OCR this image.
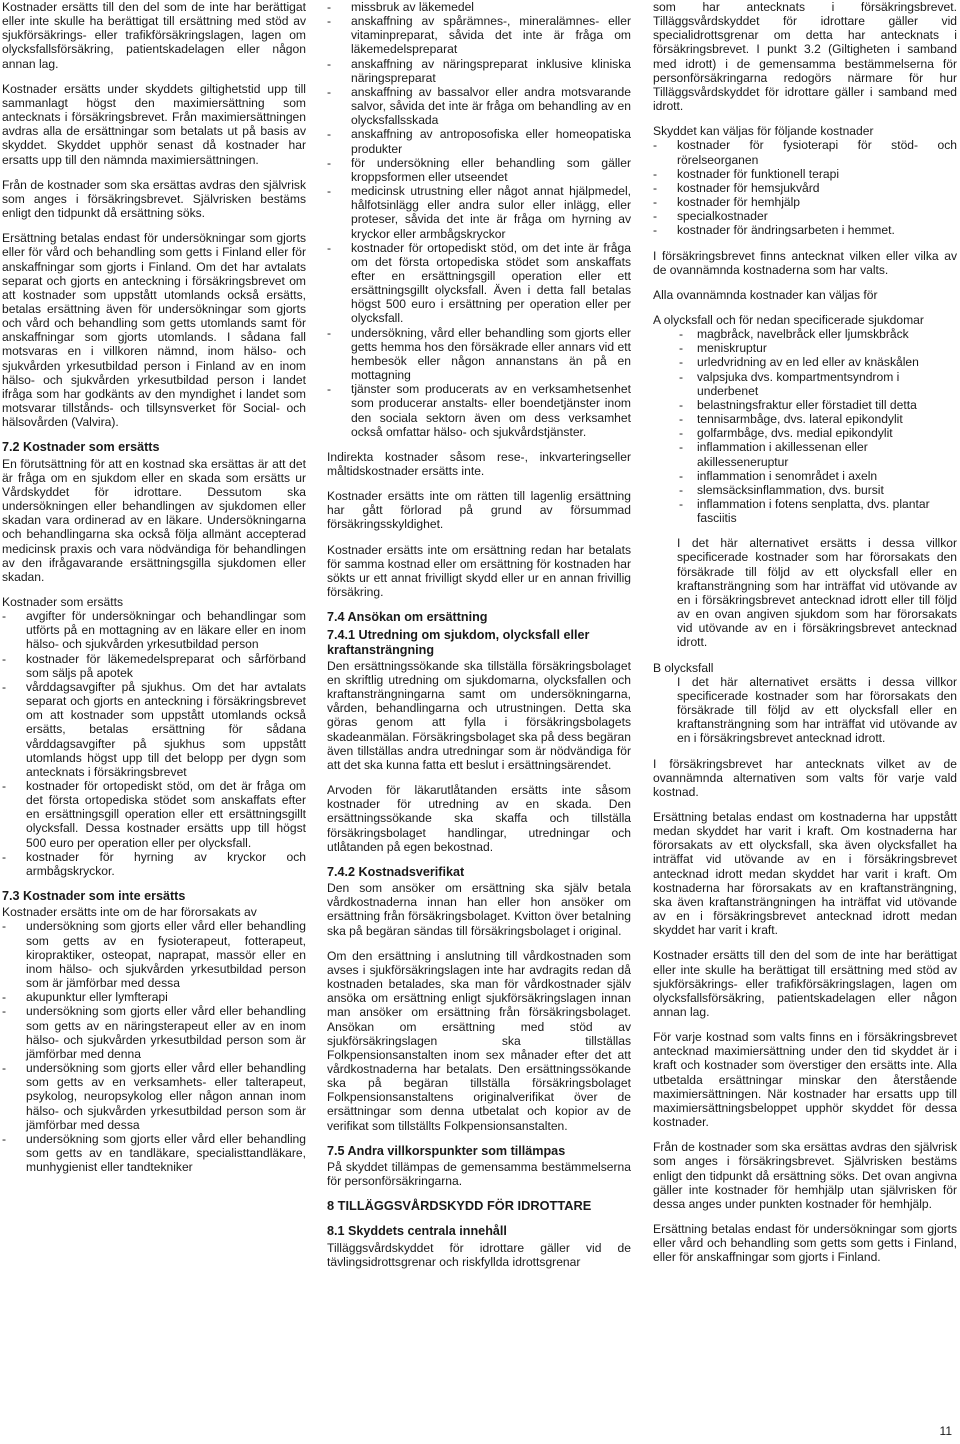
Kostnader ersätts till den del som de inte har berättigat eller inte skulle ha berättigat till ersättning med stöd av sjukförsäkrings- eller trafikförsäkringslagen, lagen om olycksfallsförsäkring, patientskadelagen eller någon annan lag.

Kostnader ersätts under skyddets giltighetstid upp till sammanlagt högst den maximiersättning som antecknats i försäkringsbrevet. Från maximiersättningen avdras alla de ersättningar som betalats ut på basis av skyddet. Skyddet upphör senast då kostnader har ersatts upp till den nämnda maximiersättningen.

Från de kostnader som ska ersättas avdras den självrisk som anges i försäkringsbrevet. Självrisken bestäms enligt den tidpunkt då ersättning söks.

Ersättning betalas endast för undersökningar som gjorts eller för vård och behandling som getts i Finland eller för anskaffningar som gjorts i Finland. Om det har avtalats separat och gjorts en anteckning i försäkringsbrevet om att kostnader som uppstått utomlands också ersätts, betalas ersättning även för undersökningar som gjorts och vård och behandling som getts utomlands samt för anskaffningar som gjorts utomlands. I sådana fall motsvaras en i villkoren nämnd, inom hälso- och sjukvården yrkesutbildad person i Finland av en inom hälso- och sjukvården yrkesutbildad person i landet ifråga som har godkänts av den myndighet i landet som motsvarar tillstånds- och tillsynsverket för Social- och hälsovården (Valvira).

7.2 Kostnader som ersätts

En förutsättning för att en kostnad ska ersättas är att det är fråga om en sjukdom eller en skada som ersätts ur Vårdskyddet för idrottare. Dessutom ska undersökningen eller behandlingen av sjukdomen eller skadan vara ordinerad av en läkare. Undersökningarna och behandlingarna ska också följa allmänt accepterad medicinsk praxis och vara nödvändiga för behandlingen av den ifrågavarande ersättningsgilla sjukdomen eller skadan.

Kostnader som ersätts

- avgifter för undersökningar och behandlingar som utförts på en mottagning av en läkare eller en inom hälso- och sjukvården yrkesutbildad person
- kostnader för läkemedelspreparat och sårförband som säljs på apotek
- vårddagsavgifter på sjukhus. Om det har avtalats separat och gjorts en anteckning i försäkringsbrevet om att kostnader som uppstått utomlands också ersätts, betalas ersättning för sådana vårddagsavgifter på sjukhus som uppstått utomlands högst upp till det belopp per dygn som antecknats i försäkringsbrevet
- kostnader för ortopediskt stöd, om det är fråga om det första ortopediska stödet som anskaffats efter en ersättningsgill operation eller ett ersättningsgillt olycksfall. Dessa kostnader ersätts upp till högst 500 euro per operation eller per olycksfall.
- kostnader för hyrning av kryckor och armbågskryckor.
7.3 Kostnader som inte ersätts

Kostnader ersätts inte om de har förorsakats av

- undersökning som gjorts eller vård eller behandling som getts av en fysioterapeut, fotterapeut, kiropraktiker, osteopat, naprapat, massör eller en inom hälso- och sjukvården yrkesutbildad person som är jämförbar med dessa
- akupunktur eller lymfterapi
- undersökning som gjorts eller vård eller behandling som getts av en näringsterapeut eller av en inom hälso- och sjukvården yrkesutbildad person som är jämförbar med denna
- undersökning som gjorts eller vård eller behandling som getts av en verksamhets- eller talterapeut, psykolog, neuropsykolog eller någon annan inom hälso- och sjukvården yrkesutbildad person som är jämförbar med dessa
- undersökning som gjorts eller vård eller behandling som getts av en tandläkare, specialisttandläkare, munhygienist eller tandtekniker
- missbruk av läkemedel
- anskaffning av spårämnes-, mineralämnes- eller vitaminpreparat, såvida det inte är fråga om läkemedelspreparat
- anskaffning av näringspreparat inklusive kliniska näringspreparat
- anskaffning av bassalvor eller andra motsvarande salvor, såvida det inte är fråga om behandling av en olycksfallsskada
- anskaffning av antroposofiska eller homeopatiska produkter
- för undersökning eller behandling som gäller kroppsformen eller utseendet
- medicinsk utrustning eller något annat hjälpmedel, hålfotsinlägg eller andra sulor eller inlägg, eller proteser, såvida det inte är fråga om hyrning av kryckor eller armbågskryckor
- kostnader för ortopediskt stöd, om det inte är fråga om det första ortopediska stödet som anskaffats efter en ersättningsgill operation eller ett ersättningsgillt olycksfall. Även i detta fall betalas högst 500 euro i ersättning per operation eller per olycksfall.
- undersökning, vård eller behandling som gjorts eller getts hemma hos den försäkrade eller annars vid ett hembesök eller någon annanstans än på en mottagning
- tjänster som producerats av en verksamhetsenhet som producerar anstalts- eller boendetjänster inom den sociala sektorn även om dess verksamhet också omfattar hälso- och sjukvårdstjänster.

Indirekta kostnader såsom rese-, inkvarteringseller måltidskostnader ersätts inte.

Kostnader ersätts inte om rätten till lagenlig ersättning har gått förlorad på grund av försummad försäkringsskyldighet.

Kostnader ersätts inte om ersättning redan har betalats för samma kostnad eller om ersättning för kostnaden har sökts ur ett annat frivilligt skydd eller ur en annan frivillig försäkring.

7.4 Ansökan om ersättning
7.4.1 Utredning om sjukdom, olycksfall eller kraftansträngning

Den ersättningssökande ska tillställa försäkringsbolaget en skriftlig utredning om sjukdomarna, olycksfallen och kraftansträngningarna samt om undersökningarna, vården, behandlingarna och utrustningen. Detta ska göras genom att fylla i försäkringsbolagets skadeanmälan. Försäkringsbolaget ska på dess begäran även tillställas andra utredningar som är nödvändiga för att det ska kunna fatta ett beslut i ersättningsärendet.

Arvoden för läkarutlåtanden ersätts inte såsom kostnader för utredning av en skada. Den ersättningssökande ska skaffa och tillställa försäkringsbolaget handlingar, utredningar och utlåtanden på egen bekostnad.

7.4.2 Kostnadsverifikat

Den som ansöker om ersättning ska själv betala vårdkostnaderna innan han eller hon ansöker om ersättning från försäkringsbolaget. Kvitton över betalning ska på begäran sändas till försäkringsbolaget i original.

Om den ersättning i anslutning till vårdkostnaden som avses i sjukförsäkringslagen inte har avdragits redan då kostnaden betalades, ska man för vårdkostnader själv ansöka om ersättning enligt sjukförsäkringslagen innan man ansöker om ersättning från försäkringsbolaget. Ansökan om ersättning med stöd av sjukförsäkringslagen ska tillställas Folkpensionsanstalten inom sex månader efter det att vårdkostnaderna har betalats. Den ersättningssökande ska på begäran tillställa försäkringsbolaget Folkpensionsanstaltens originalverifikat över de ersättningar som denna utbetalat och kopior av de verifikat som tillställts Folkpensionsanstalten.

7.5 Andra villkorspunkter som tillämpas

På skyddet tillämpas de gemensamma bestämmelserna för personförsäkringarna.

8 TILLÄGGSVÅRDSKYDD FÖR IDROTTARE
8.1 Skyddets centrala innehåll

Tilläggsvårdskyddet för idrottare gäller vid de tävlingsidrottsgrenar och riskfyllda idrottsgrenar

som har antecknats i försäkringsbrevet. Tilläggsvårdskyddet för idrottare gäller vid specialidrottsgrenar om detta har antecknats i försäkringsbrevet. I punkt 3.2 (Giltigheten i samband med idrott) i de gemensamma bestämmelserna för personförsäkringarna redogörs närmare för hur Tilläggsvårdskyddet för idrottare gäller i samband med idrott.

Skyddet kan väljas för följande kostnader

- kostnader för fysioterapi för stöd- och rörelseorganen
- kostnader för funktionell terapi
- kostnader för hemsjukvård
- kostnader för hemhjälp
- specialkostnader
- kostnader för ändringsarbeten i hemmet.

I försäkringsbrevet finns antecknat vilken eller vilka av de ovannämnda kostnaderna som har valts.

Alla ovannämnda kostnader kan väljas för

A olycksfall och för nedan specificerade sjukdomar

- magbråck, navelbråck eller ljumskbråck
- meniskruptur
- urledvridning av en led eller av knäskålen
- valpsjuka dvs. kompartmentsyndrom i underbenet
- belastningsfraktur eller förstadiet till detta
- tennisarmbåge, dvs. lateral epikondylit
- golfarmbåge, dvs. medial epikondylit
- inflammation i akillessenan eller akillesseneruptur
- inflammation i senområdet i axeln
- slemsäcksinflammation, dvs. bursit
- inflammation i fotens senplatta, dvs. plantar fasciitis

I det här alternativet ersätts i dessa villkor specificerade kostnader som har förorsakats den försäkrade till följd av ett olycksfall eller en kraftansträngning som har inträffat vid utövande av en i försäkringsbrevet antecknad idrott eller till följd av en ovan angiven sjukdom som har förorsakats vid utövande av en i försäkringsbrevet antecknad idrott.

B olycksfall

I det här alternativet ersätts i dessa villkor specificerade kostnader som har förorsakats den försäkrade till följd av ett olycksfall eller en kraftansträngning som har inträffat vid utövande av en i försäkringsbrevet antecknad idrott.

I försäkringsbrevet har antecknats vilket av de ovannämnda alternativen som valts för varje vald kostnad.

Ersättning betalas endast om kostnaderna har uppstått medan skyddet har varit i kraft. Om kostnaderna har förorsakats av ett olycksfall, ska även olycksfallet ha inträffat vid utövande av en i försäkringsbrevet antecknad idrott medan skyddet har varit i kraft. Om kostnaderna har förorsakats av en kraftansträngning, ska även kraftansträngningen ha inträffat vid utövande av en i försäkringsbrevet antecknad idrott medan skyddet har varit i kraft.

Kostnader ersätts till den del som de inte har berättigat eller inte skulle ha berättigat till ersättning med stöd av sjukförsäkrings- eller trafikförsäkringslagen, lagen om olycksfallsförsäkring, patientskadelagen eller någon annan lag.

För varje kostnad som valts finns en i försäkringsbrevet antecknad maximiersättning under den tid skyddet är i kraft och kostnader som överstiger den ersätts inte. Alla utbetalda ersättningar minskar den återstående maximiersättningen. När kostnader har ersatts upp till maximiersättningsbeloppet upphör skyddet för dessa kostnader.

Från de kostnader som ska ersättas avdras den självrisk som anges i försäkringsbrevet. Självrisken bestäms enligt den tidpunkt då ersättning söks. Det ovan angivna gäller inte kostnader för hemhjälp utan självrisken för dessa anges under punkten kostnader för hemhjälp.

Ersättning betalas endast för undersökningar som gjorts eller vård och behandling som getts som getts i Finland, eller för anskaffningar som gjorts i Finland.

11
